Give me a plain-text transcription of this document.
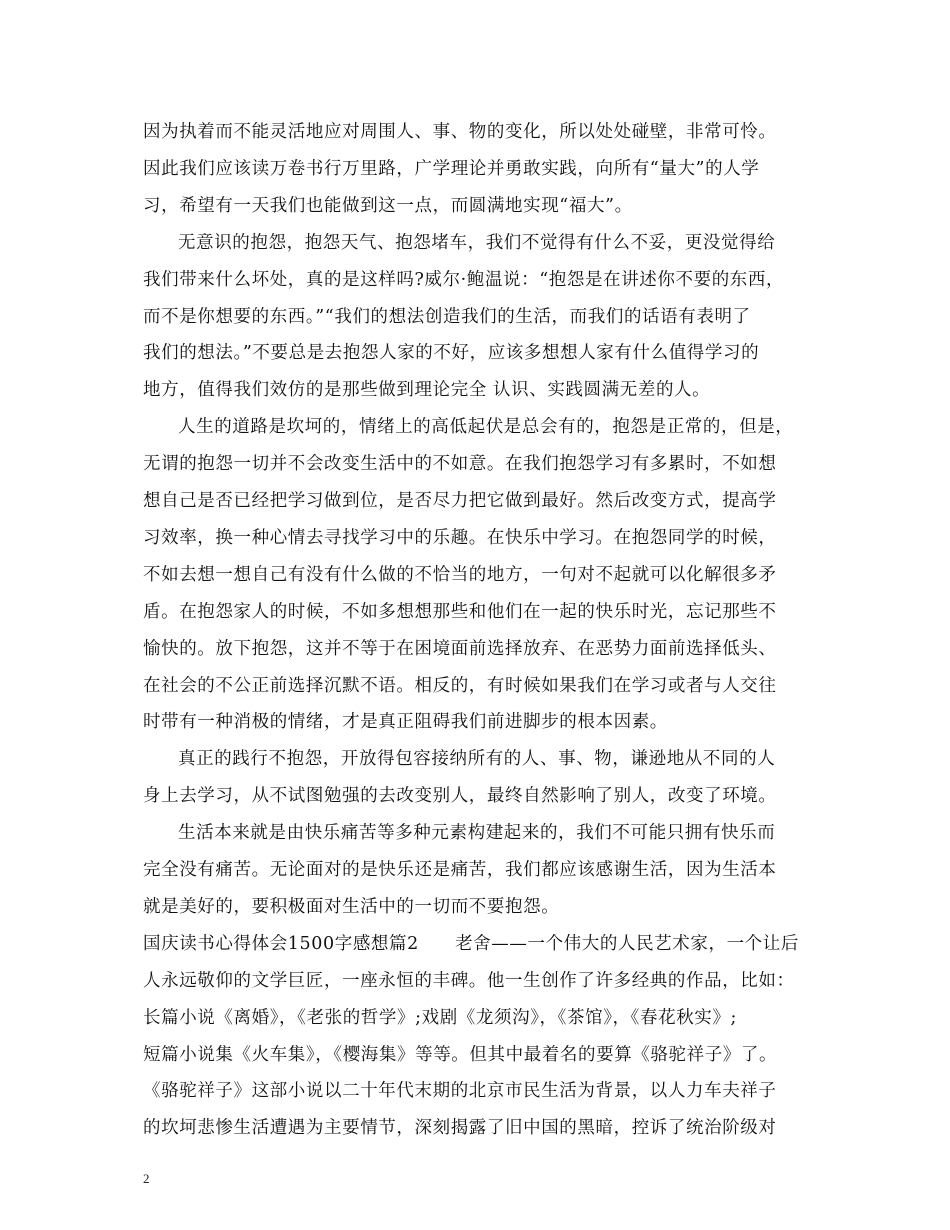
因为执着而不能灵活地应对周围人、事、物的变化，所以处处碰壁，非常可怜。
因此我们应该读万卷书行万里路，广学理论并勇敢实践，向所有“量大”的人学
习，希望有一天我们也能做到这一点，而圆满地实现“福大”。
无意识的抱怨，抱怨天气、抱怨堵车，我们不觉得有什么不妥，更没觉得给
我们带来什么坏处，真的是这样吗?威尔·鲍温说：“抱怨是在讲述你不要的东西，
而不是你想要的东西。”“我们的想法创造我们的生活，而我们的话语有表明了
我们的想法。”不要总是去抱怨人家的不好，应该多想想人家有什么值得学习的
地方，值得我们效仿的是那些做到理论完全 认识、实践圆满无差的人。
人生的道路是坎坷的，情绪上的高低起伏是总会有的，抱怨是正常的，但是，
无谓的抱怨一切并不会改变生活中的不如意。在我们抱怨学习有多累时，不如想
想自己是否已经把学习做到位，是否尽力把它做到最好。然后改变方式，提高学
习效率，换一种心情去寻找学习中的乐趣。在快乐中学习。在抱怨同学的时候，
不如去想一想自己有没有什么做的不恰当的地方，一句对不起就可以化解很多矛
盾。在抱怨家人的时候，不如多想想那些和他们在一起的快乐时光，忘记那些不
愉快的。放下抱怨，这并不等于在困境面前选择放弃、在恶势力面前选择低头、
在社会的不公正前选择沉默不语。相反的，有时候如果我们在学习或者与人交往
时带有一种消极的情绪，才是真正阻碍我们前进脚步的根本因素。
真正的践行不抱怨，开放得包容接纳所有的人、事、物，谦逊地从不同的人
身上去学习，从不试图勉强的去改变别人，最终自然影响了别人，改变了环境。
生活本来就是由快乐痛苦等多种元素构建起来的，我们不可能只拥有快乐而
完全没有痛苦。无论面对的是快乐还是痛苦，我们都应该感谢生活，因为生活本
就是美好的，要积极面对生活中的一切而不要抱怨。
国庆读书心得体会1500字感想篇2　　老舍——一个伟大的人民艺术家，一个让后
人永远敬仰的文学巨匠，一座永恒的丰碑。他一生创作了许多经典的作品，比如：
长篇小说《离婚》，《老张的哲学》;戏剧《龙须沟》，《茶馆》，《春花秋实》;
短篇小说集《火车集》，《樱海集》等等。但其中最着名的要算《骆驼祥子》了。
《骆驼祥子》这部小说以二十年代末期的北京市民生活为背景，以人力车夫祥子
的坎坷悲惨生活遭遇为主要情节，深刻揭露了旧中国的黑暗，控诉了统治阶级对
2
